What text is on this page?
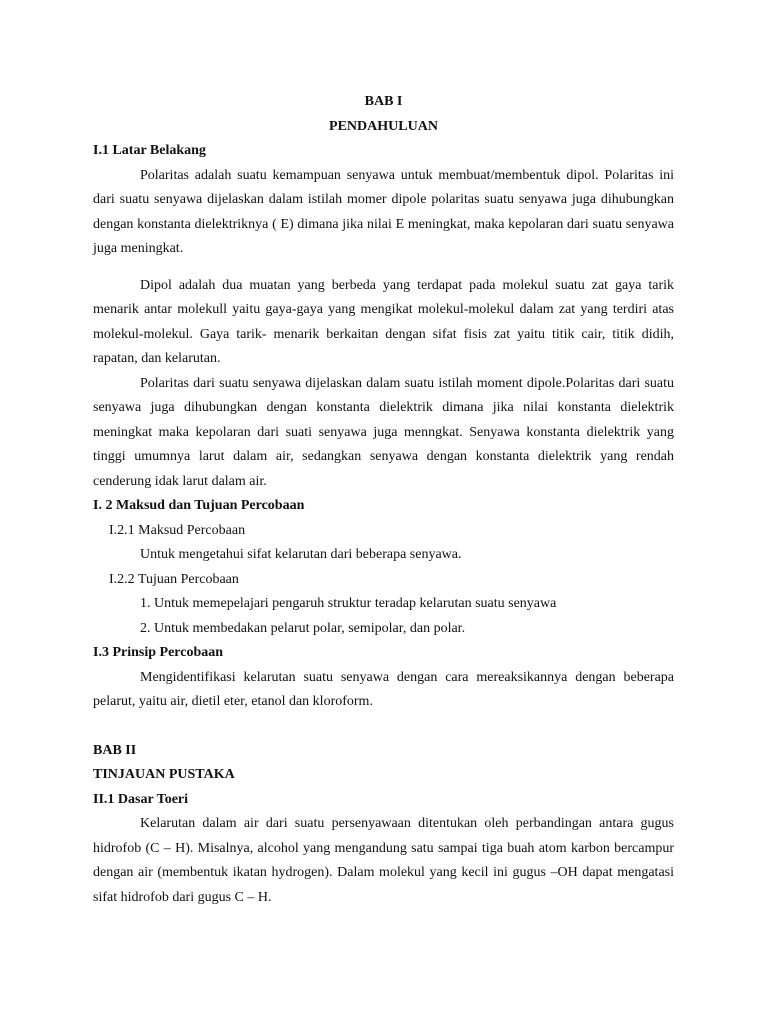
BAB I
PENDAHULUAN
I.1 Latar Belakang

Polaritas adalah suatu kemampuan senyawa untuk membuat/membentuk dipol. Polaritas ini dari suatu senyawa dijelaskan dalam istilah momer dipole polaritas suatu senyawa juga dihubungkan dengan konstanta dielektriknya ( E) dimana jika nilai E meningkat, maka kepolaran dari suatu senyawa juga meningkat.

Dipol adalah dua muatan yang berbeda yang terdapat pada molekul suatu zat gaya tarik menarik antar molekull yaitu gaya-gaya yang mengikat molekul-molekul dalam zat yang terdiri atas molekul-molekul. Gaya tarik- menarik berkaitan dengan sifat fisis zat yaitu titik cair, titik didih, rapatan, dan kelarutan.

Polaritas dari suatu senyawa dijelaskan dalam suatu istilah moment dipole.Polaritas dari suatu senyawa juga dihubungkan dengan konstanta dielektrik dimana jika nilai konstanta dielektrik meningkat maka kepolaran dari suati senyawa juga menngkat. Senyawa konstanta dielektrik yang tinggi umumnya larut dalam air, sedangkan senyawa dengan konstanta dielektrik yang rendah cenderung idak larut dalam air.

I. 2 Maksud dan Tujuan Percobaan
I.2.1 Maksud Percobaan
Untuk mengetahui sifat kelarutan dari beberapa senyawa.
I.2.2 Tujuan Percobaan
1. Untuk memepelajari pengaruh struktur teradap kelarutan suatu senyawa
2. Untuk membedakan pelarut polar, semipolar, dan polar.
I.3 Prinsip Percobaan

Mengidentifikasi kelarutan suatu senyawa dengan cara mereaksikannya dengan beberapa pelarut, yaitu air, dietil eter, etanol dan kloroform.

BAB II
TINJAUAN PUSTAKA
II.1 Dasar Toeri

Kelarutan dalam air dari suatu persenyawaan ditentukan oleh perbandingan antara gugus hidrofob (C – H). Misalnya, alcohol yang mengandung satu sampai tiga buah atom karbon bercampur dengan air (membentuk ikatan hydrogen). Dalam molekul yang kecil ini gugus –OH dapat mengatasi sifat hidrofob dari gugus C – H.
